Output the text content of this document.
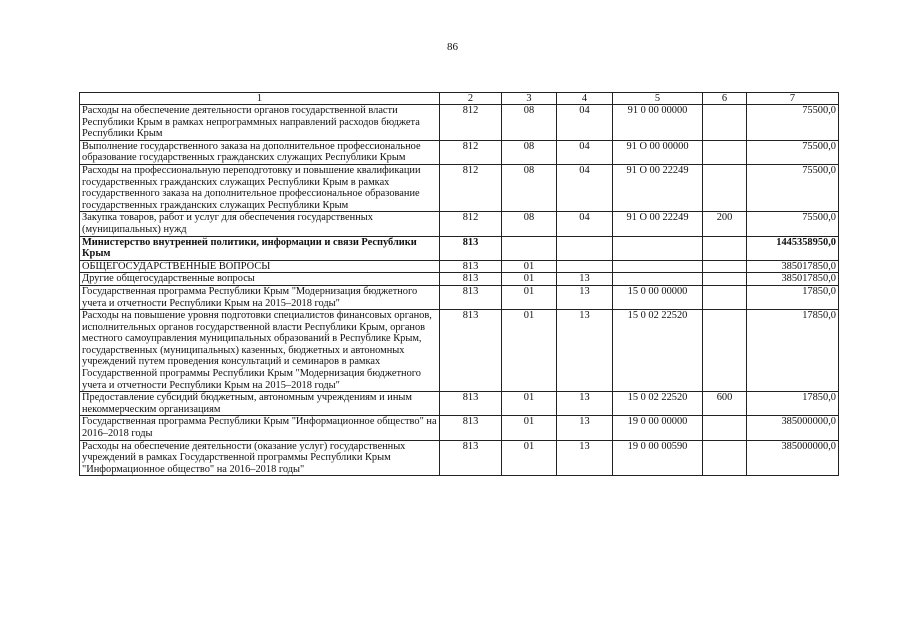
86
1	2	3	4	5	6	7
Расходы на обеспечение деятельности органов государственной власти Республики Крым в рамках непрограммных направлений расходов бюджета Республики Крым	812	08	04	91 0 00 00000		75500,0
Выполнение государственного заказа на дополнительное профессиональное образование государственных гражданских служащих Республики Крым	812	08	04	91 О 00 00000		75500,0
Расходы на профессиональную переподготовку и повышение квалификации государственных гражданских служащих Республики Крым в рамках государственного заказа на дополнительное профессиональное образование государственных гражданских служащих Республики Крым	812	08	04	91 О 00 22249		75500,0
Закупка товаров, работ и услуг для обеспечения государственных (муниципальных) нужд	812	08	04	91 О 00 22249	200	75500,0
Министерство внутренней политики, информации и связи Республики Крым	813					1445358950,0
ОБЩЕГОСУДАРСТВЕННЫЕ ВОПРОСЫ	813	01				385017850,0
Другие общегосударственные вопросы	813	01	13			385017850,0
Государственная программа Республики Крым "Модернизация бюджетного учета и отчетности Республики Крым на 2015–2018 годы"	813	01	13	15 0 00 00000		17850,0
Расходы на повышение уровня подготовки специалистов финансовых органов, исполнительных органов государственной власти Республики Крым, органов местного самоуправления муниципальных образований в Республике Крым, государственных (муниципальных) казенных, бюджетных и автономных учреждений путем проведения консультаций и семинаров в рамках Государственной программы Республики Крым "Модернизация бюджетного учета и отчетности Республики Крым на 2015–2018 годы"	813	01	13	15 0 02 22520		17850,0
Предоставление субсидий бюджетным, автономным учреждениям и иным некоммерческим организациям	813	01	13	15 0 02 22520	600	17850,0
Государственная программа Республики Крым "Информационное общество" на 2016–2018 годы	813	01	13	19 0 00 00000		385000000,0
Расходы на обеспечение деятельности (оказание услуг) государственных учреждений в рамках Государственной программы Республики Крым "Информационное общество" на 2016–2018 годы"	813	01	13	19 0 00 00590		385000000,0
